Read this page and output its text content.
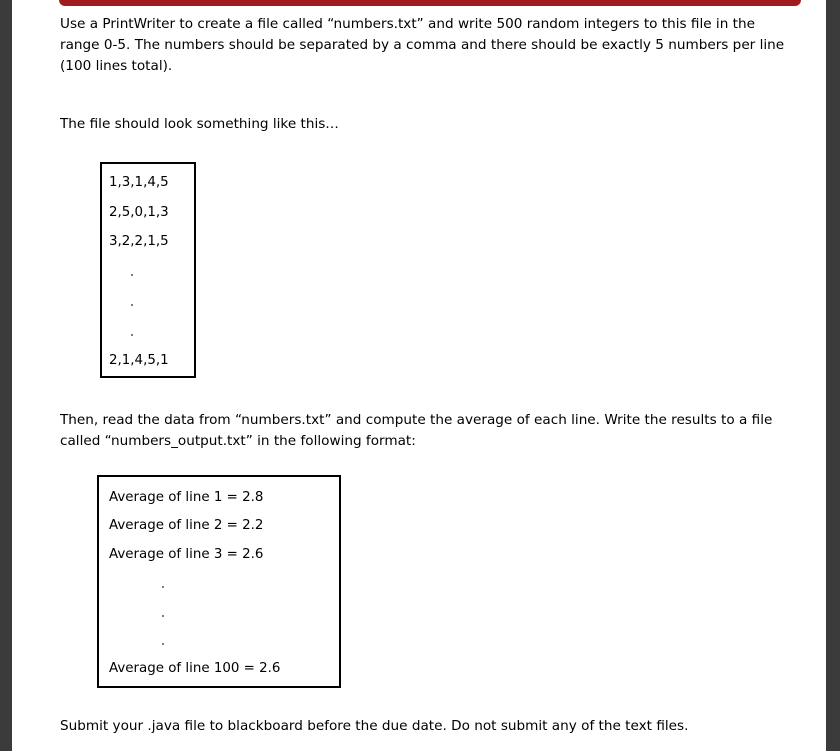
Use a PrintWriter to create a file called “numbers.txt” and write 500 random integers to this file in the range 0-5. The numbers should be separated by a comma and there should be exactly 5 numbers per line (100 lines total).

The file should look something like this…

1,3,1,4,5
2,5,0,1,3
3,2,2,1,5
2,1,4,5,1

Then, read the data from “numbers.txt” and compute the average of each line. Write the results to a file called “numbers_output.txt” in the following format:

Average of line 1 = 2.8
Average of line 2 = 2.2
Average of line 3 = 2.6
Average of line 100 = 2.6

Submit your .java file to blackboard before the due date. Do not submit any of the text files.
